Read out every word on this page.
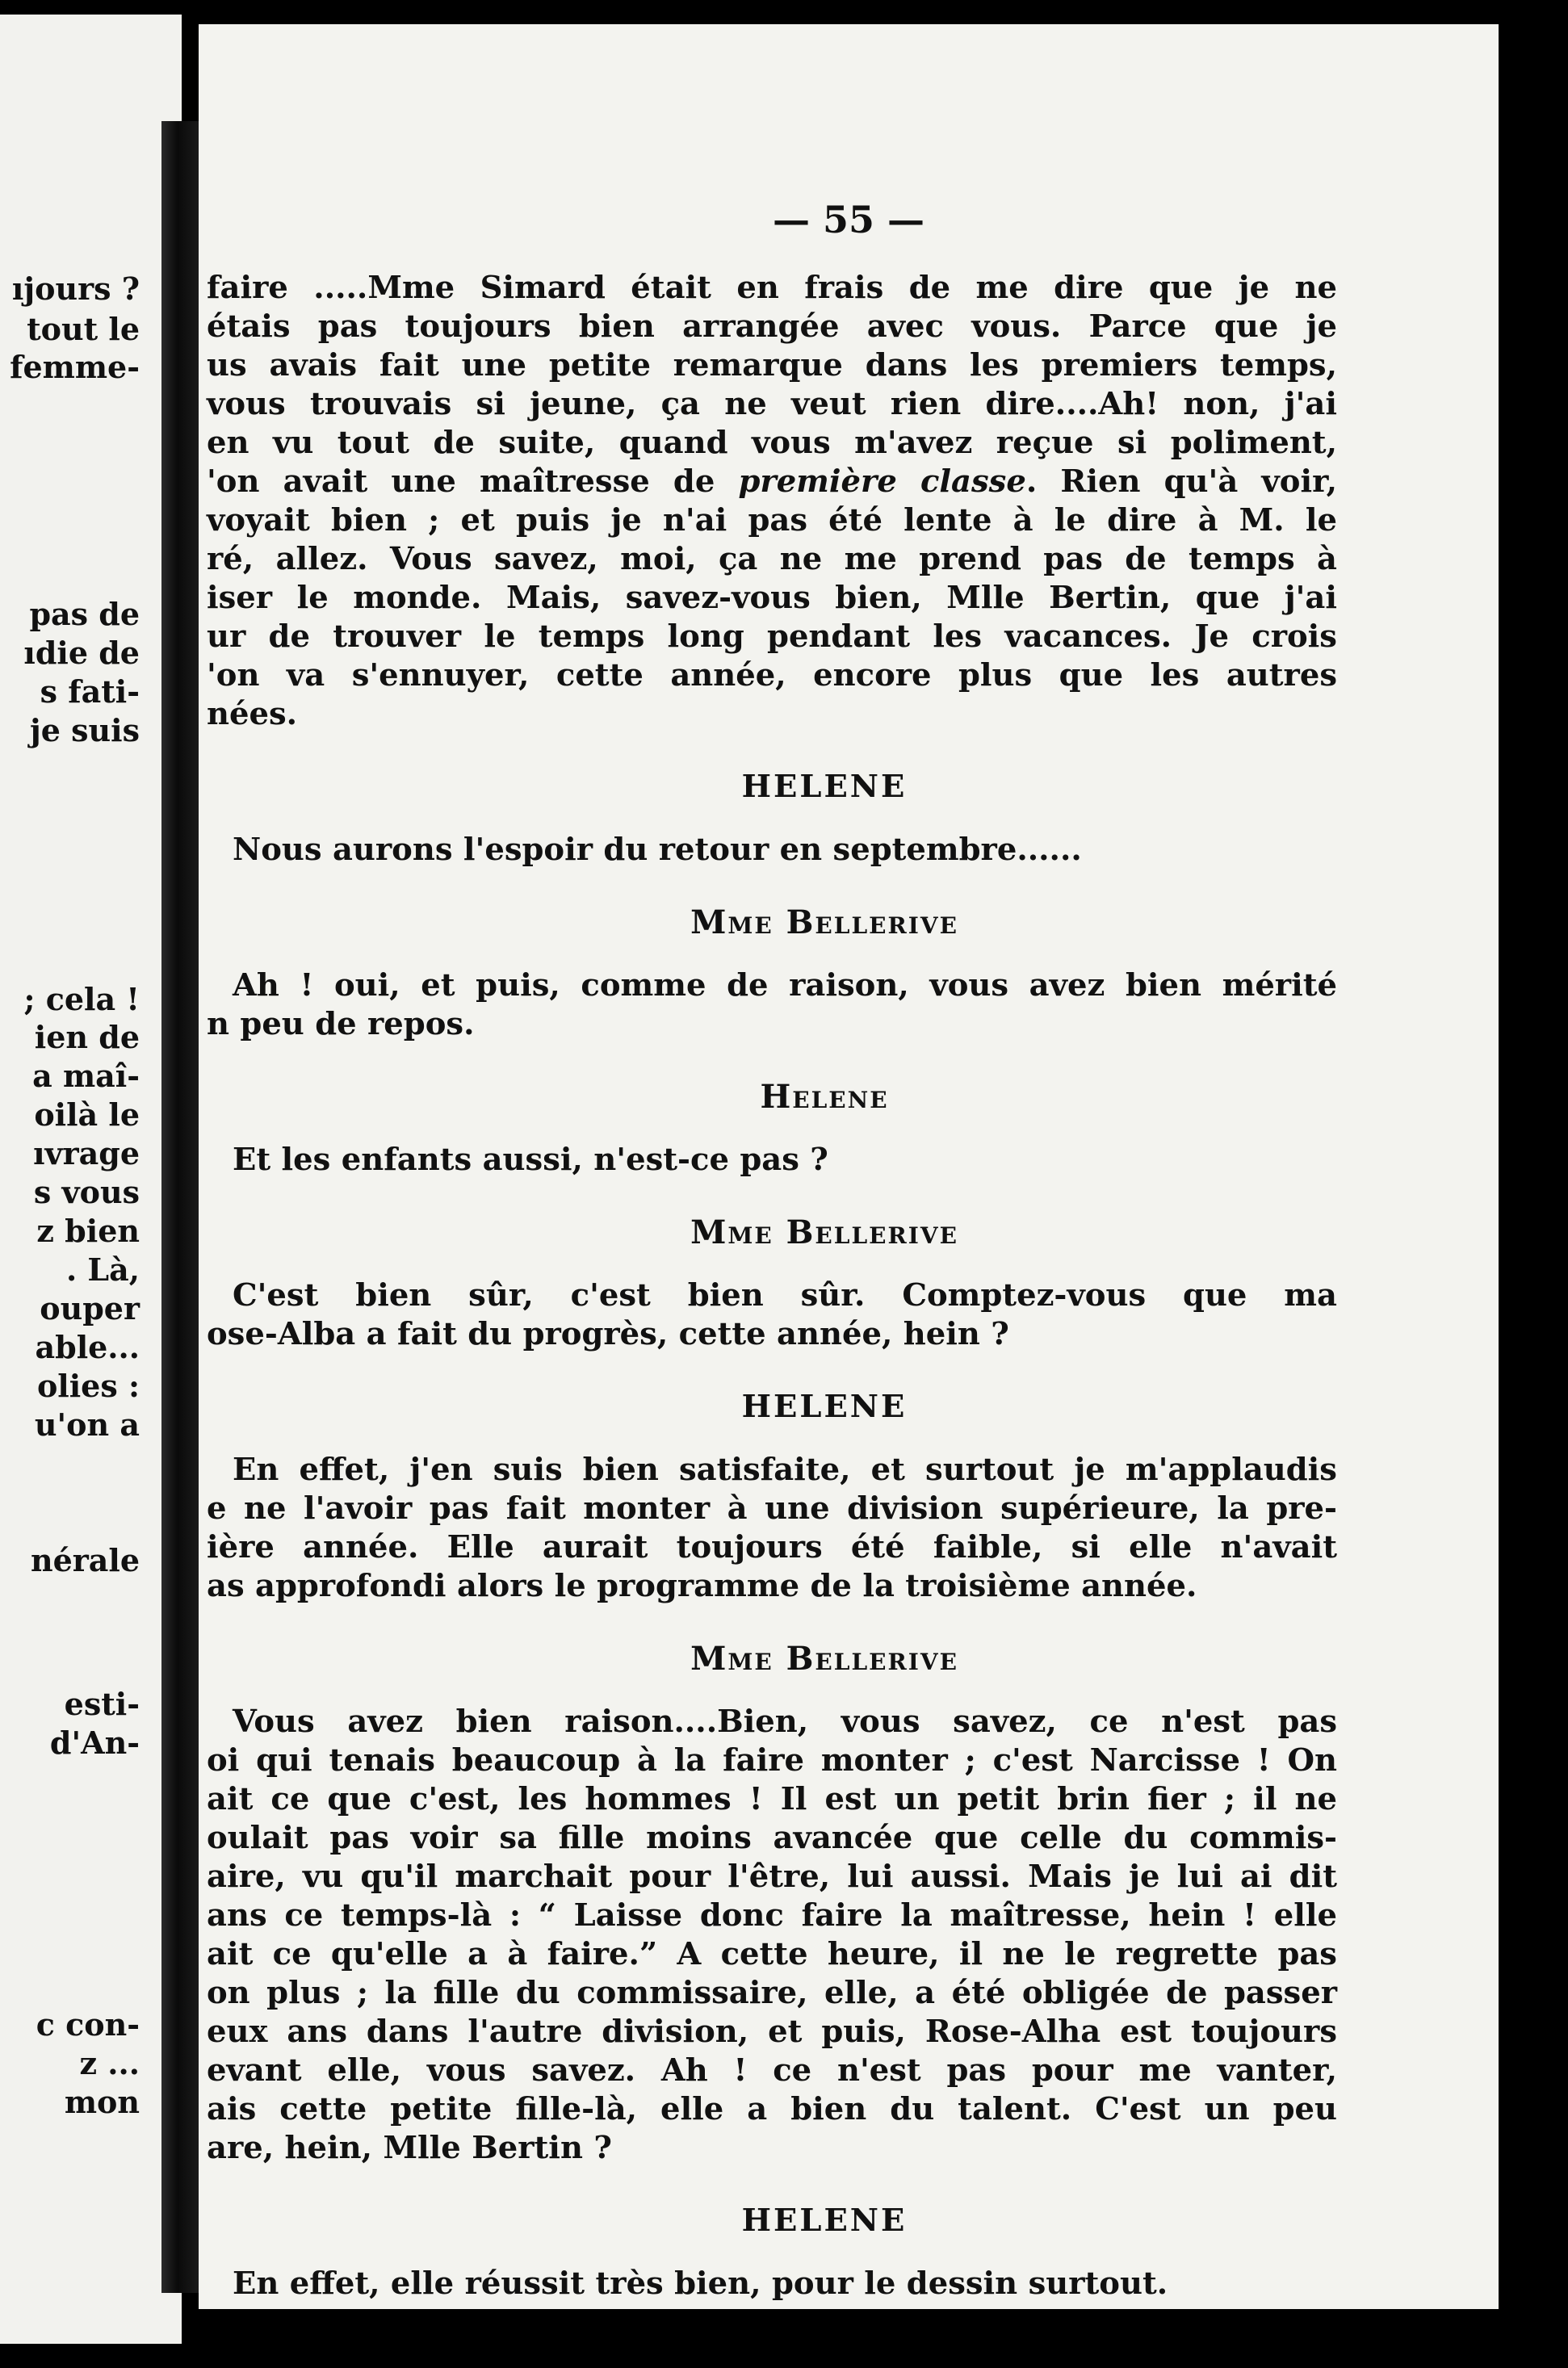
ıjours ?
tout le
femme-
pas de
ıdie de
s fati-
je suis
; cela !
ien de
a maî-
oilà le
ıvrage
s vous
z bien
. Là,
ouper
able...
olies :
u'on a
nérale
esti-
d'An-
c con-
z ...
mon
— 55 —
faire .....Mme Simard était en frais de me dire que je ne
étais pas toujours bien arrangée avec vous. Parce que je
us avais fait une petite remarque dans les premiers temps,
vous trouvais si jeune, ça ne veut rien dire....Ah! non, j'ai
en vu tout de suite, quand vous m'avez reçue si poliment,
'on avait une maîtresse de première classe. Rien qu'à voir,
voyait bien ; et puis je n'ai pas été lente à le dire à M. le
ré, allez. Vous savez, moi, ça ne me prend pas de temps à
iser le monde. Mais, savez-vous bien, Mlle Bertin, que j'ai
ur de trouver le temps long pendant les vacances. Je crois
'on va s'ennuyer, cette année, encore plus que les autres
nées.
HELENE
Nous aurons l'espoir du retour en septembre......
Mme Bellerive
Ah ! oui, et puis, comme de raison, vous avez bien mérité
n peu de repos.
Helene
Et les enfants aussi, n'est-ce pas ?
Mme Bellerive
C'est bien sûr, c'est bien sûr. Comptez-vous que ma
ose-Alba a fait du progrès, cette année, hein ?
HELENE
En effet, j'en suis bien satisfaite, et surtout je m'applaudis
e ne l'avoir pas fait monter à une division supérieure, la pre-
ière année. Elle aurait toujours été faible, si elle n'avait
as approfondi alors le programme de la troisième année.
Mme Bellerive
Vous avez bien raison....Bien, vous savez, ce n'est pas
oi qui tenais beaucoup à la faire monter ; c'est Narcisse ! On
ait ce que c'est, les hommes ! Il est un petit brin fier ; il ne
oulait pas voir sa fille moins avancée que celle du commis-
aire, vu qu'il marchait pour l'être, lui aussi. Mais je lui ai dit
ans ce temps-là : “ Laisse donc faire la maîtresse, hein ! elle
ait ce qu'elle a à faire.” A cette heure, il ne le regrette pas
on plus ; la fille du commissaire, elle, a été obligée de passer
eux ans dans l'autre division, et puis, Rose-Alha est toujours
evant elle, vous savez. Ah ! ce n'est pas pour me vanter,
ais cette petite fille-là, elle a bien du talent. C'est un peu
are, hein, Mlle Bertin ?
HELENE
En effet, elle réussit très bien, pour le dessin surtout.
